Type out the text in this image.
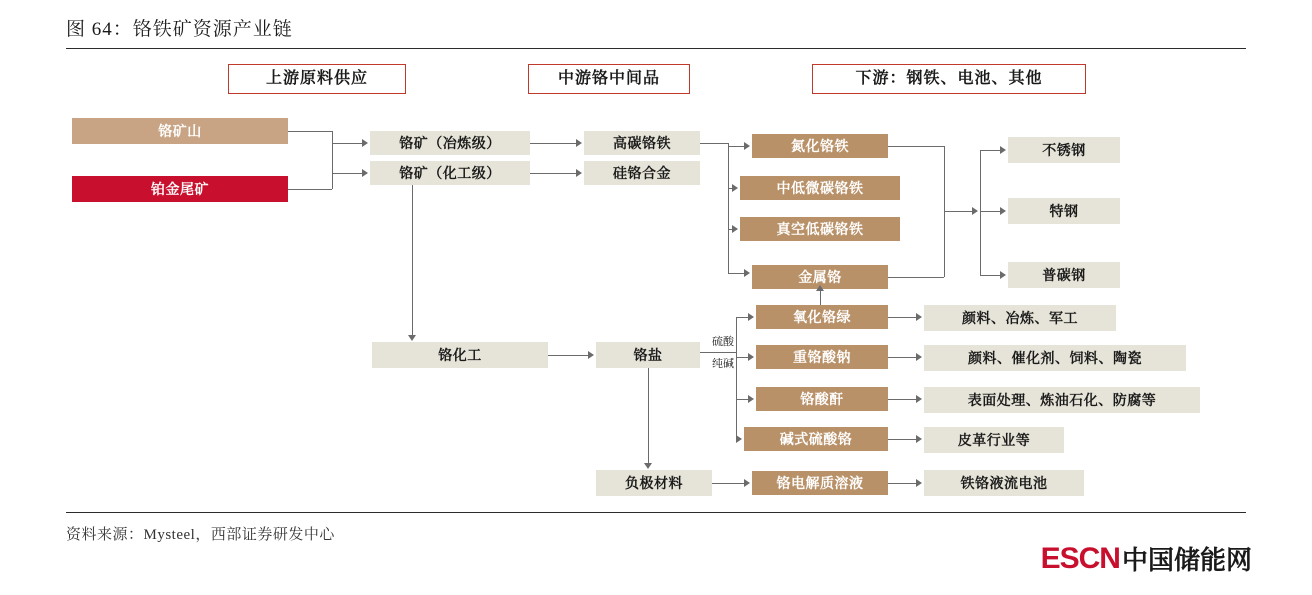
图 64：铬铁矿资源产业链
上游原料供应	中游铬中间品	下游：钢铁、电池、其他
铬矿山
铂金尾矿
铬矿（冶炼级）
铬矿（化工级）
高碳铬铁
硅铬合金
氮化铬铁
中低微碳铬铁
真空低碳铬铁
金属铬
铬化工	铬盐
氧化铬绿
重铬酸钠
铬酸酐
碱式硫酸铬
负极材料	铬电解质溶液
不锈钢
特钢
普碳钢
颜料、冶炼、军工
颜料、催化剂、饲料、陶瓷
表面处理、炼油石化、防腐等
皮革行业等
铁铬液流电池
硫酸
纯碱
资料来源：Mysteel，西部证券研发中心
ESCN 中国储能网
